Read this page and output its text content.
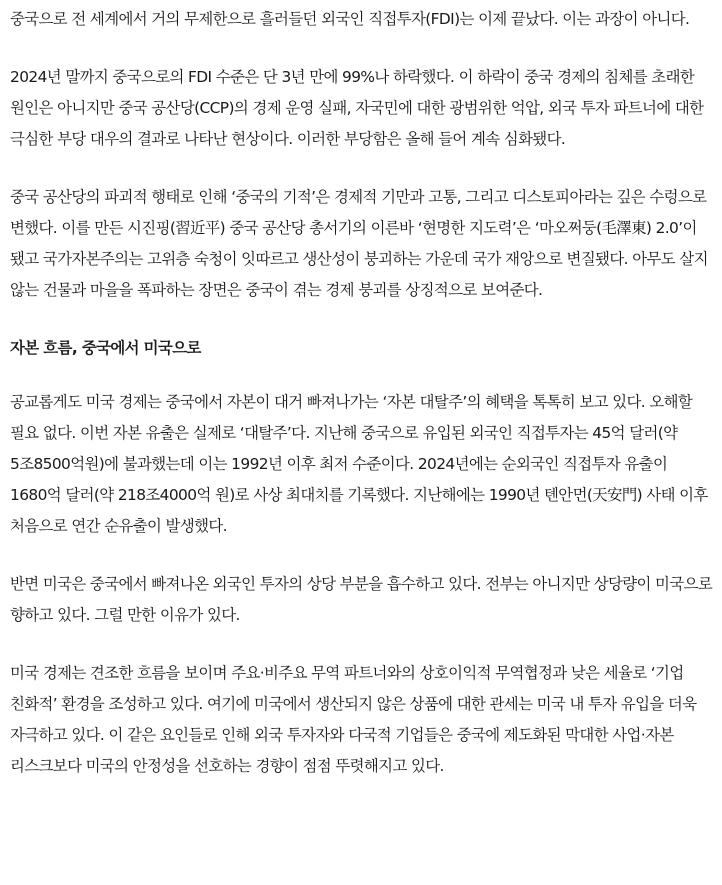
중국으로 전 세계에서 거의 무제한으로 흘러들던 외국인 직접투자(FDI)는 이제 끝났다. 이는 과장이 아니다.

2024년 말까지 중국으로의 FDI 수준은 단 3년 만에 99%나 하락했다. 이 하락이 중국 경제의 침체를 초래한 원인은 아니지만 중국 공산당(CCP)의 경제 운영 실패, 자국민에 대한 광범위한 억압, 외국 투자 파트너에 대한 극심한 부당 대우의 결과로 나타난 현상이다. 이러한 부당함은 올해 들어 계속 심화됐다.

중국 공산당의 파괴적 행태로 인해 ‘중국의 기적’은 경제적 기만과 고통, 그리고 디스토피아라는 깊은 수렁으로 변했다. 이를 만든 시진핑(習近平) 중국 공산당 총서기의 이른바 ‘현명한 지도력’은 ‘마오쩌둥(毛澤東) 2.0’이 됐고 국가자본주의는 고위층 숙청이 잇따르고 생산성이 붕괴하는 가운데 국가 재앙으로 변질됐다. 아무도 살지 않는 건물과 마을을 폭파하는 장면은 중국이 겪는 경제 붕괴를 상징적으로 보여준다.

자본 흐름, 중국에서 미국으로

공교롭게도 미국 경제는 중국에서 자본이 대거 빠져나가는 ‘자본 대탈주’의 혜택을 톡톡히 보고 있다. 오해할 필요 없다. 이번 자본 유출은 실제로 ‘대탈주’다. 지난해 중국으로 유입된 외국인 직접투자는 45억 달러(약 5조8500억원)에 불과했는데 이는 1992년 이후 최저 수준이다. 2024년에는 순외국인 직접투자 유출이 1680억 달러(약 218조4000억 원)로 사상 최대치를 기록했다. 지난해에는 1990년 톈안먼(天安門) 사태 이후 처음으로 연간 순유출이 발생했다.

반면 미국은 중국에서 빠져나온 외국인 투자의 상당 부분을 흡수하고 있다. 전부는 아니지만 상당량이 미국으로 향하고 있다. 그럴 만한 이유가 있다.

미국 경제는 견조한 흐름을 보이며 주요·비주요 무역 파트너와의 상호이익적 무역협정과 낮은 세율로 ‘기업 친화적’ 환경을 조성하고 있다. 여기에 미국에서 생산되지 않은 상품에 대한 관세는 미국 내 투자 유입을 더욱 자극하고 있다. 이 같은 요인들로 인해 외국 투자자와 다국적 기업들은 중국에 제도화된 막대한 사업·자본 리스크보다 미국의 안정성을 선호하는 경향이 점점 뚜렷해지고 있다.
